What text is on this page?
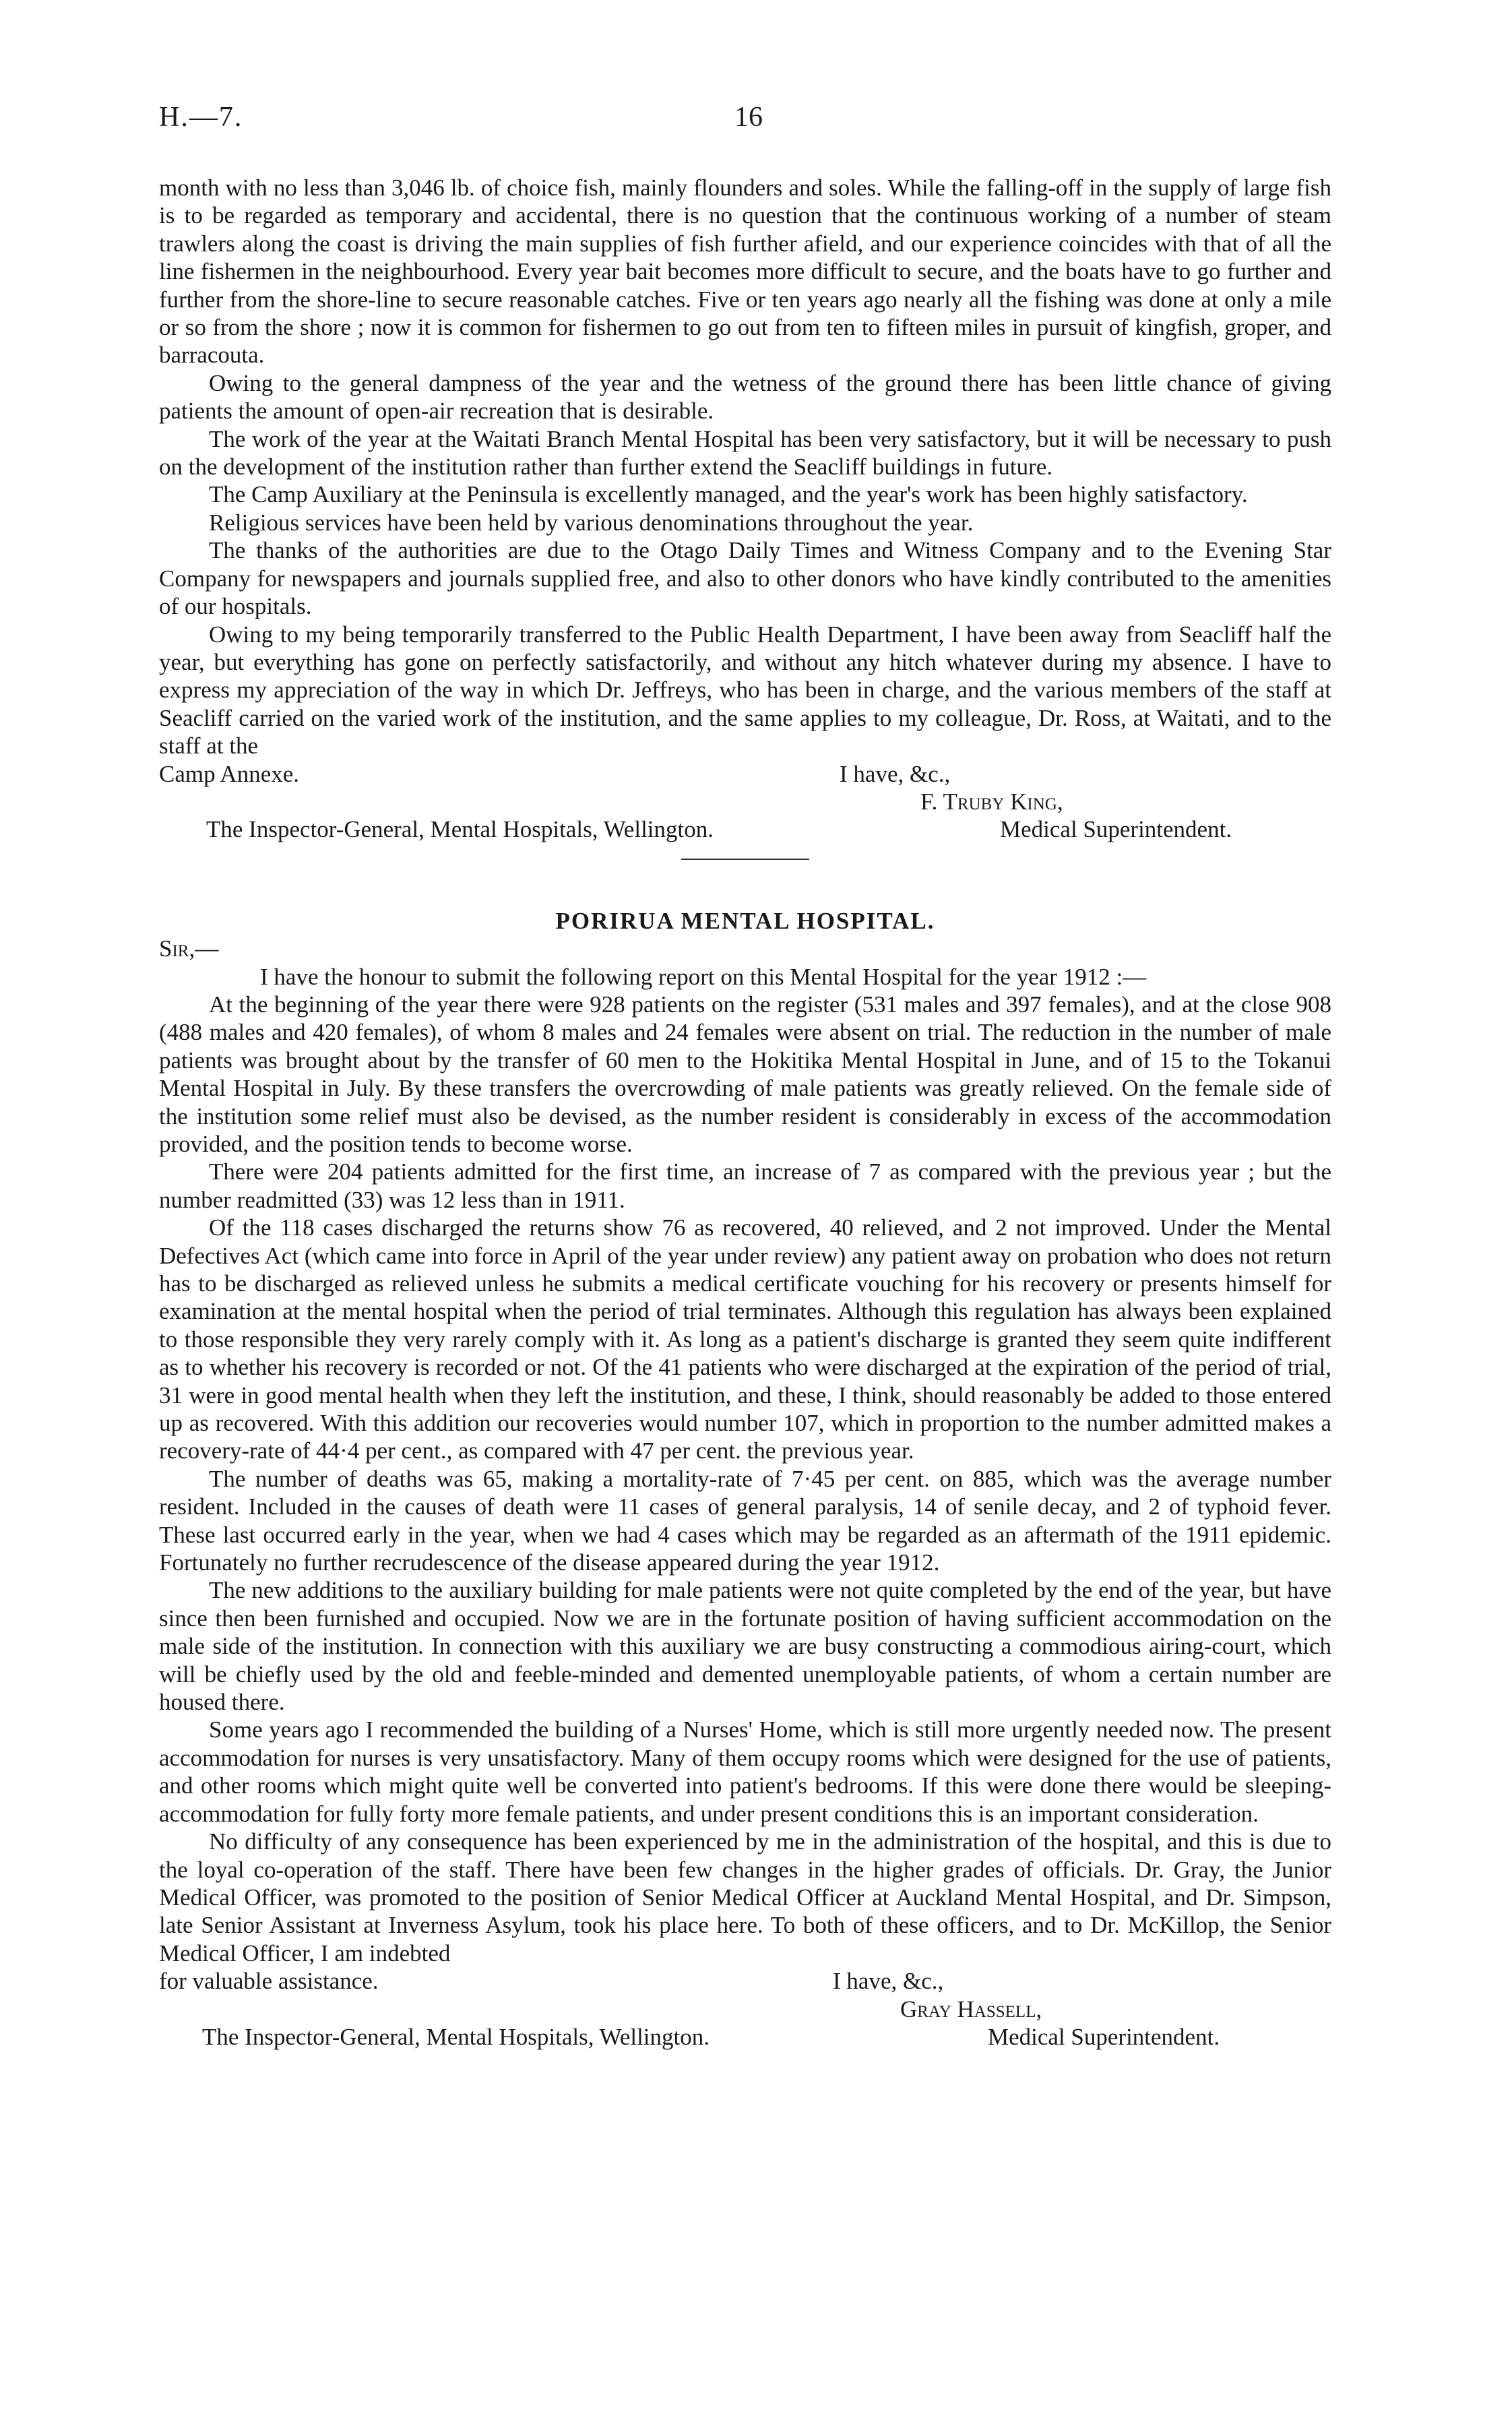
H.—7.	16

month with no less than 3,046 lb. of choice fish, mainly flounders and soles. While the falling-off in the supply of large fish is to be regarded as temporary and accidental, there is no question that the continuous working of a number of steam trawlers along the coast is driving the main supplies of fish further afield, and our experience coincides with that of all the line fishermen in the neighbourhood. Every year bait becomes more difficult to secure, and the boats have to go further and further from the shore-line to secure reasonable catches. Five or ten years ago nearly all the fishing was done at only a mile or so from the shore ; now it is common for fishermen to go out from ten to fifteen miles in pursuit of kingfish, groper, and barracouta.

Owing to the general dampness of the year and the wetness of the ground there has been little chance of giving patients the amount of open-air recreation that is desirable.

The work of the year at the Waitati Branch Mental Hospital has been very satisfactory, but it will be necessary to push on the development of the institution rather than further extend the Seacliff buildings in future.

The Camp Auxiliary at the Peninsula is excellently managed, and the year's work has been highly satisfactory.

Religious services have been held by various denominations throughout the year.

The thanks of the authorities are due to the Otago Daily Times and Witness Company and to the Evening Star Company for newspapers and journals supplied free, and also to other donors who have kindly contributed to the amenities of our hospitals.

Owing to my being temporarily transferred to the Public Health Department, I have been away from Seacliff half the year, but everything has gone on perfectly satisfactorily, and without any hitch whatever during my absence. I have to express my appreciation of the way in which Dr. Jeffreys, who has been in charge, and the various members of the staff at Seacliff carried on the varied work of the institution, and the same applies to my colleague, Dr. Ross, at Waitati, and to the staff at the

Camp Annexe.	I have, &c.,
F. Truby King,
The Inspector-General, Mental Hospitals, Wellington.	Medical Superintendent.
PORIRUA MENTAL HOSPITAL.
Sir,—

I have the honour to submit the following report on this Mental Hospital for the year 1912 :—

At the beginning of the year there were 928 patients on the register (531 males and 397 females), and at the close 908 (488 males and 420 females), of whom 8 males and 24 females were absent on trial. The reduction in the number of male patients was brought about by the transfer of 60 men to the Hokitika Mental Hospital in June, and of 15 to the Tokanui Mental Hospital in July. By these transfers the overcrowding of male patients was greatly relieved. On the female side of the institution some relief must also be devised, as the number resident is considerably in excess of the accommodation provided, and the position tends to become worse.

There were 204 patients admitted for the first time, an increase of 7 as compared with the previous year ; but the number readmitted (33) was 12 less than in 1911.

Of the 118 cases discharged the returns show 76 as recovered, 40 relieved, and 2 not improved. Under the Mental Defectives Act (which came into force in April of the year under review) any patient away on probation who does not return has to be discharged as relieved unless he submits a medical certificate vouching for his recovery or presents himself for examination at the mental hospital when the period of trial terminates. Although this regulation has always been explained to those responsible they very rarely comply with it. As long as a patient's discharge is granted they seem quite indifferent as to whether his recovery is recorded or not. Of the 41 patients who were discharged at the expiration of the period of trial, 31 were in good mental health when they left the institution, and these, I think, should reasonably be added to those entered up as recovered. With this addition our recoveries would number 107, which in proportion to the number admitted makes a recovery-rate of 44·4 per cent., as compared with 47 per cent. the previous year.

The number of deaths was 65, making a mortality-rate of 7·45 per cent. on 885, which was the average number resident. Included in the causes of death were 11 cases of general paralysis, 14 of senile decay, and 2 of typhoid fever. These last occurred early in the year, when we had 4 cases which may be regarded as an aftermath of the 1911 epidemic. Fortunately no further recrudescence of the disease appeared during the year 1912.

The new additions to the auxiliary building for male patients were not quite completed by the end of the year, but have since then been furnished and occupied. Now we are in the fortunate position of having sufficient accommodation on the male side of the institution. In connection with this auxiliary we are busy constructing a commodious airing-court, which will be chiefly used by the old and feeble-minded and demented unemployable patients, of whom a certain number are housed there.

Some years ago I recommended the building of a Nurses' Home, which is still more urgently needed now. The present accommodation for nurses is very unsatisfactory. Many of them occupy rooms which were designed for the use of patients, and other rooms which might quite well be converted into patient's bedrooms. If this were done there would be sleeping-accommodation for fully forty more female patients, and under present conditions this is an important consideration.

No difficulty of any consequence has been experienced by me in the administration of the hospital, and this is due to the loyal co-operation of the staff. There have been few changes in the higher grades of officials. Dr. Gray, the Junior Medical Officer, was promoted to the position of Senior Medical Officer at Auckland Mental Hospital, and Dr. Simpson, late Senior Assistant at Inverness Asylum, took his place here. To both of these officers, and to Dr. McKillop, the Senior Medical Officer, I am indebted

for valuable assistance.	I have, &c.,
Gray Hassell,
The Inspector-General, Mental Hospitals, Wellington.	Medical Superintendent.
